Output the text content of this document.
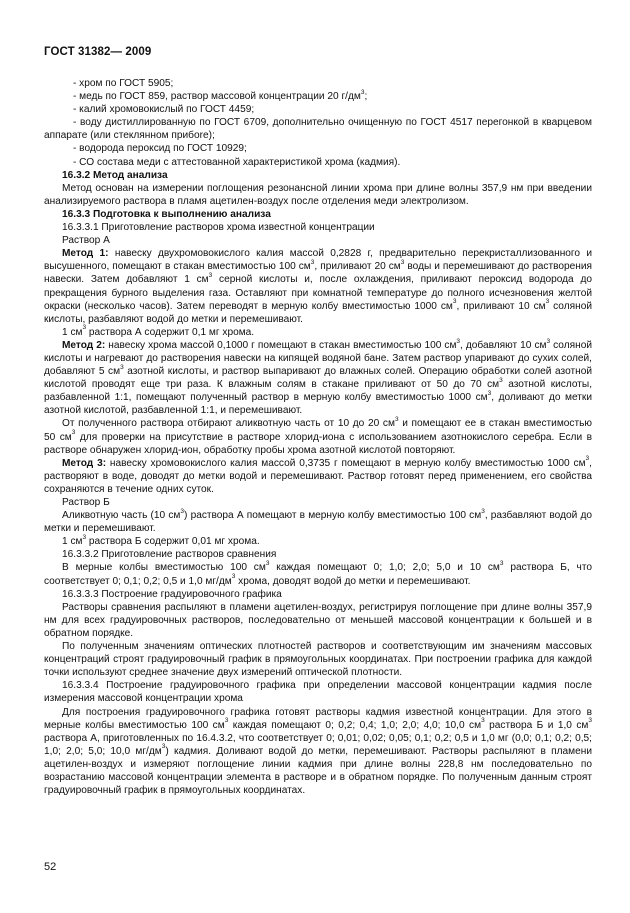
ГОСТ 31382— 2009

- хром по ГОСТ 5905;

- медь по ГОСТ 859, раствор массовой концентрации 20 $г/дм^3$;

- калий хромовокислый по ГОСТ 4459;

- воду дистиллированную по ГОСТ 6709, дополнительно очищенную по ГОСТ 4517 перегонкой в кварцевом аппарате (или стеклянном прибore);

- водорода пероксид по ГОСТ 10929;

- СО состава меди с аттестованной характеристикой хрома (кадмия).

16.3.2 Метод анализа

Метод основан на измерении поглощения резонансной линии хрома при длине волны 357,9 нм при введении анализируемого раствора в пламя ацетилен-воздух после отделения меди электролизом.

16.3.3 Подготовка к выполнению анализа

16.3.3.1 Приготовление растворов хрома известной концентрации

Раствор А

Метод 1: навеску двухромовокислого калия массой 0,2828 г, предварительно перекристаллизованного и высушенного, помещают в стакан вместимостью 100 $см^3$, приливают 20 $см^3$ воды и перемешивают до растворения навески. Затем добавляют 1 $см^3$ серной кислоты и, после охлаждения, приливают пероксид водорода до прекращения бурного выделения газа. Оставляют при комнатной температуре до полного исчезновения желтой окраски (несколько часов). Затем переводят в мерную колбу вместимостью 1000 $см^3$, приливают 10 $см^3$ соляной кислоты, разбавляют водой до метки и перемешивают.

1 $см^3$ раствора А содержит 0,1 мг хрома.

Метод 2: навеску хрома массой 0,1000 г помещают в стакан вместимостью 100 $см^3$, добавляют 10 $см^3$ соляной кислоты и нагревают до растворения навески на кипящей водяной бане. Затем раствор упаривают до сухих солей, добавляют 5 $см^3$ азотной кислоты, и раствор выпаривают до влажных солей. Операцию обработки солей азотной кислотой проводят еще три раза. К влажным солям в стакане приливают от 50 до 70 $см^3$ азотной кислоты, разбавленной 1:1, помещают полученный раствор в мерную колбу вместимостью 1000 $см^3$, доливают до метки азотной кислотой, разбавленной 1:1, и перемешивают.

От полученного раствора отбирают аликвотную часть от 10 до 20 $см^3$ и помещают ее в стакан вместимостью 50 $см^3$ для проверки на присутствие в растворе хлорид-иона с использованием азотнокислого серебра. Если в растворе обнаружен хлорид-ион, обработку пробы хромa азотной кислотой повторяют.

Метод 3: навеску хромовокислого калия массой 0,3735 г помещают в мерную колбу вместимостью 1000 $см^3$, растворяют в воде, доводят до метки водой и перемешивают. Раствор готовят перед применением, его свойства сохраняются в течение одних суток.

Раствор Б

Аликвотную часть (10 $см^3$) раствора А помещают в мерную колбу вместимостью 100 $см^3$, разбавляют водой до метки и перемешивают.

1 $см^3$ раствора Б содержит 0,01 мг хрома.

16.3.3.2 Приготовление растворов сравнения

В мерные колбы вместимостью 100 $см^3$ каждая помещают 0; 1,0; 2,0; 5,0 и 10 $см^3$ раствора Б, что соответствует 0; 0,1; 0,2; 0,5 и 1,0 $мг/дм^3$ хрома, доводят водой до метки и перемешивают.

16.3.3.3 Построение градуировочного графика

Растворы сравнения распыляют в пламени ацетилен-воздух, регистрируя поглощение при длине волны 357,9 нм для всех градуировочных растворов, последовательно от меньшей массовой концентрации к большей и в обратном порядке.

По полученным значениям оптических плотностей растворов и соответствующим им значениям массовых концентраций строят градуировочный график в прямоугольных координатах. При построении графика для каждой точки используют среднее значение двух измерений оптической плотности.

16.3.3.4 Построение градуировочного графика при определении массовой концентрации кадмия после измерения массовой концентрации хрома

Для построения градуировочного графика готовят растворы кадмия известной концентрации. Для этого в мерные колбы вместимостью 100 $см^3$ каждая помещают 0; 0,2; 0,4; 1,0; 2,0; 4,0; 10,0 $см^3$ раствора Б и 1,0 $см^3$ раствора А, приготовленных по 16.4.3.2, что соответствует 0; 0,01; 0,02; 0,05; 0,1; 0,2; 0,5 и 1,0 мг (0,0; 0,1; 0,2; 0,5; 1,0; 2,0; 5,0; 10,0 $мг/дм^3$) кадмия. Доливают водой до метки, перемешивают. Растворы распыляют в пламени ацетилен-воздух и измеряют поглощение линии кадмия при длине волны 228,8 нм последовательно по возрастанию массовой концентрации элемента в растворе и в обратном порядке. По полученным данным строят градуировочный график в прямоугольных координатах.

52
